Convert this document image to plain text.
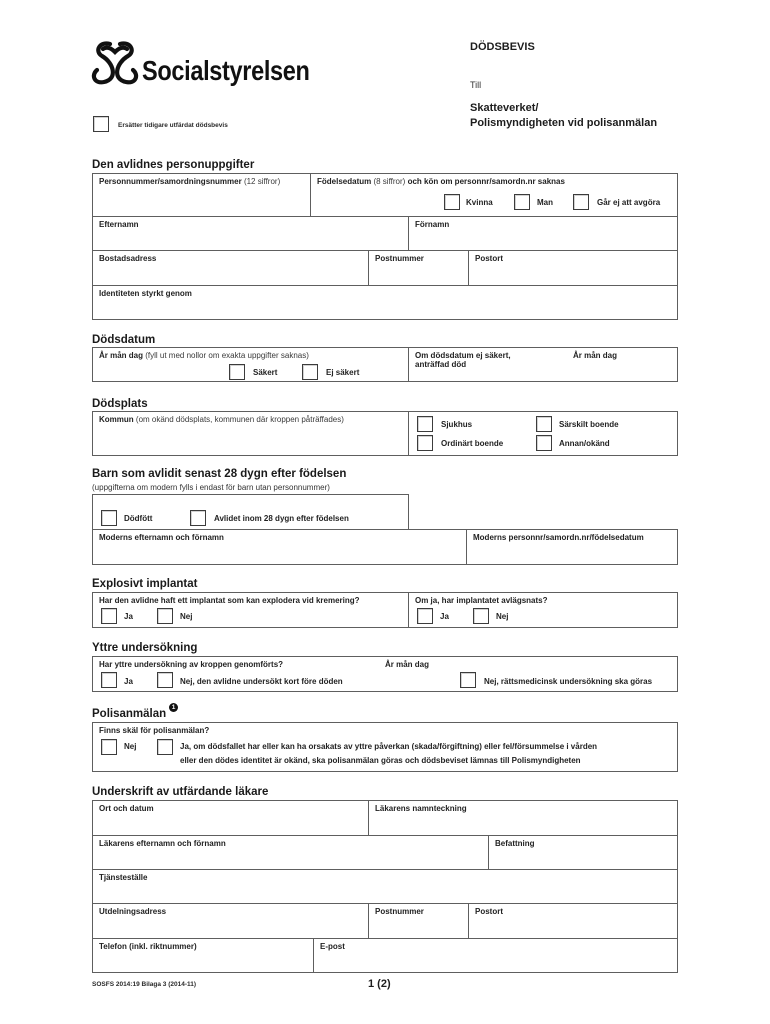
Socialstyrelsen
DÖDSBEVIS
Till
Skatteverket/
Polismyndigheten vid polisanmälan
Ersätter tidigare utfärdat dödsbevis
Den avlidnes personuppgifter
Personnummer/samordningsnummer (12 siffror)	Födelsedatum (8 siffror) och kön om personnr/samordn.nr saknas
Kvinna	Man	Går ej att avgöra
Efternamn	Förnamn
Bostadsadress	Postnummer	Postort
Identiteten styrkt genom
Dödsdatum
År mån dag (fyll ut med nollor om exakta uppgifter saknas)
Säkert	Ej säkert
Om dödsdatum ej säkert,
anträffad död
År mån dag
Dödsplats
Kommun (om okänd dödsplats, kommunen där kroppen påträffades)
Sjukhus	Särskilt boende
Ordinärt boende	Annan/okänd
Barn som avlidit senast 28 dygn efter födelsen
(uppgifterna om modern fylls i endast för barn utan personnummer)
Dödfött	Avlidet inom 28 dygn efter födelsen
Moderns efternamn och förnamn	Moderns personnr/samordn.nr/födelsedatum
Explosivt implantat
Har den avlidne haft ett implantat som kan explodera vid kremering?
Ja	Nej
Om ja, har implantatet avlägsnats?
Ja	Nej
Yttre undersökning
Har yttre undersökning av kroppen genomförts?	År mån dag
Ja	Nej, den avlidne undersökt kort före döden	Nej, rättsmedicinsk undersökning ska göras
Polisanmälan
1
Finns skäl för polisanmälan?
Nej	Ja, om dödsfallet har eller kan ha orsakats av yttre påverkan (skada/förgiftning) eller fel/försummelse i vården
eller den dödes identitet är okänd, ska polisanmälan göras och dödsbeviset lämnas till Polismyndigheten
Underskrift av utfärdande läkare
Ort och datum	Läkarens namnteckning
Läkarens efternamn och förnamn	Befattning
Tjänsteställe
Utdelningsadress	Postnummer	Postort
Telefon (inkl. riktnummer)	E-post
SOSFS 2014:19 Bilaga 3 (2014-11)	1 (2)
